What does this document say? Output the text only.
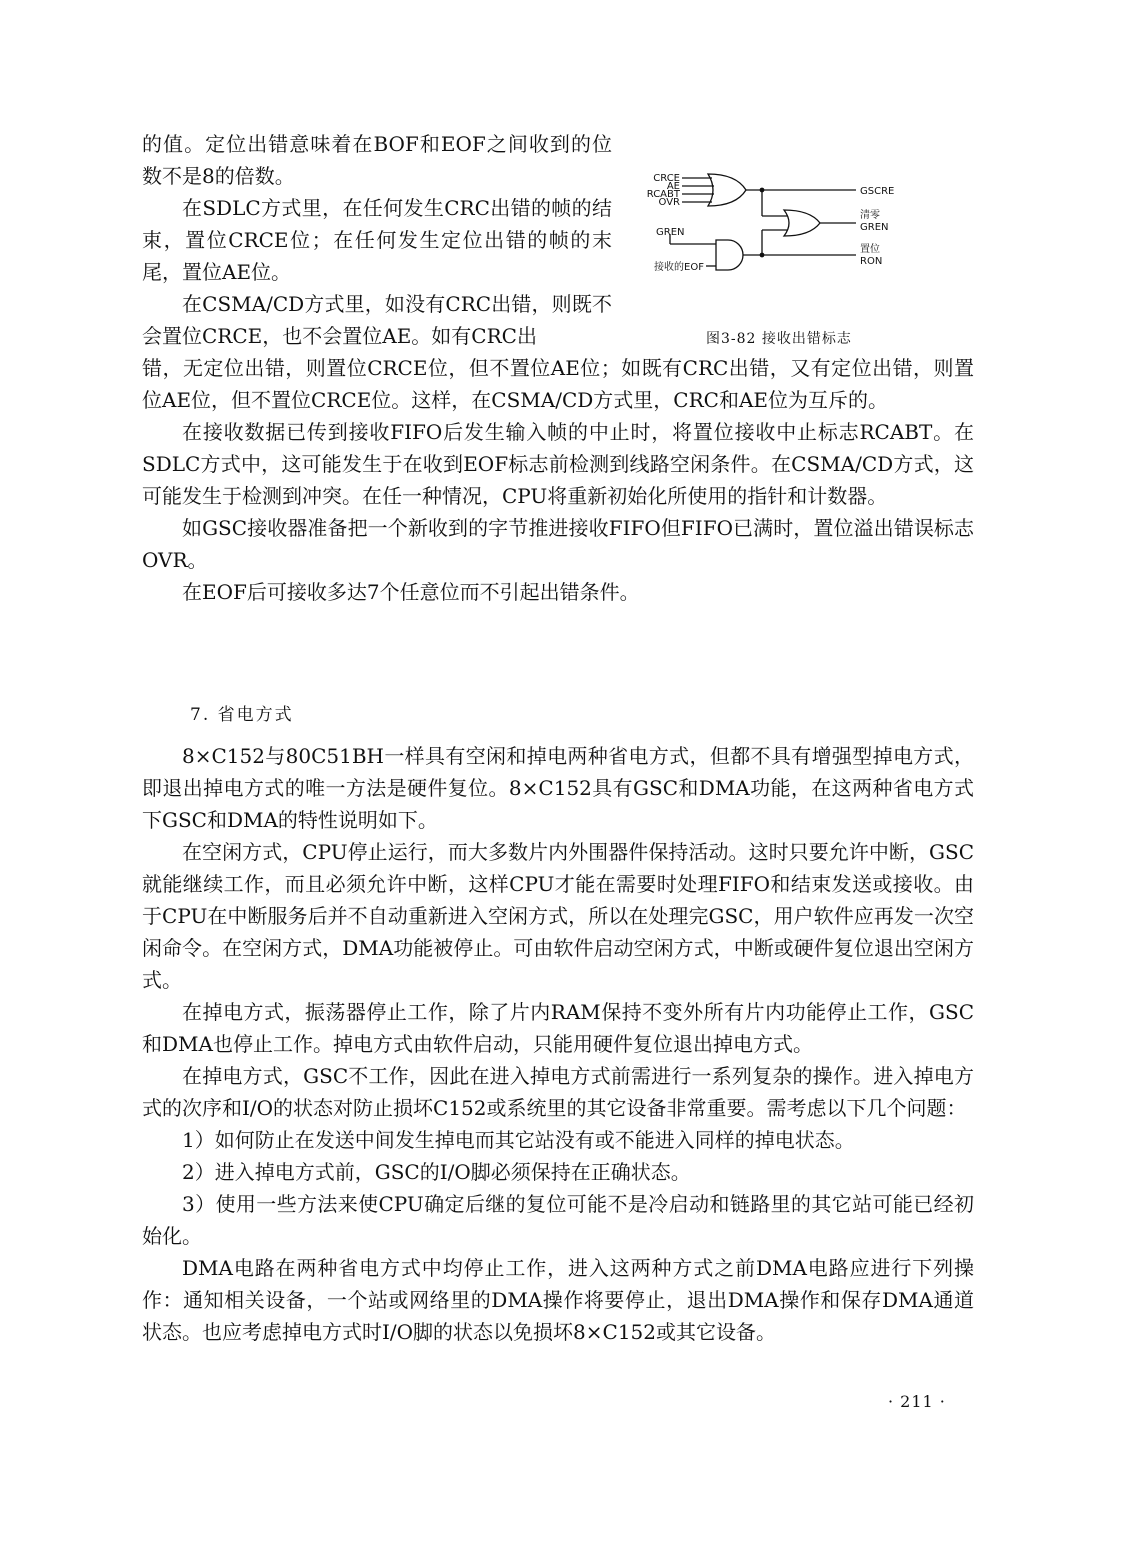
的值。定位出错意味着在BOF和EOF之间收到的位数不是8的倍数。

在SDLC方式里，在任何发生CRC出错的帧的结束，置位CRCE位；在任何发生定位出错的帧的末尾，置位AE位。

在CSMA/CD方式里，如没有CRC出错，则既不会置位CRCE，也不会置位AE。如有CRC出

CRCE
AE
RCABT
OVR
GREN
接收的EOF
GSCRE
清零
GREN
置位
RON
图3-82 接收出错标志

错，无定位出错，则置位CRCE位，但不置位AE位；如既有CRC出错，又有定位出错，则置位AE位，但不置位CRCE位。这样，在CSMA/CD方式里，CRC和AE位为互斥的。

在接收数据已传到接收FIFO后发生输入帧的中止时，将置位接收中止标志RCABT。在SDLC方式中，这可能发生于在收到EOF标志前检测到线路空闲条件。在CSMA/CD方式，这可能发生于检测到冲突。在任一种情况，CPU将重新初始化所使用的指针和计数器。

如GSC接收器准备把一个新收到的字节推进接收FIFO但FIFO已满时，置位溢出错误标志OVR。

在EOF后可接收多达7个任意位而不引起出错条件。

7. 省电方式

8×C152与80C51BH一样具有空闲和掉电两种省电方式，但都不具有增强型掉电方式，即退出掉电方式的唯一方法是硬件复位。8×C152具有GSC和DMA功能，在这两种省电方式下GSC和DMA的特性说明如下。

在空闲方式，CPU停止运行，而大多数片内外围器件保持活动。这时只要允许中断，GSC就能继续工作，而且必须允许中断，这样CPU才能在需要时处理FIFO和结束发送或接收。由于CPU在中断服务后并不自动重新进入空闲方式，所以在处理完GSC，用户软件应再发一次空闲命令。在空闲方式，DMA功能被停止。可由软件启动空闲方式，中断或硬件复位退出空闲方式。

在掉电方式，振荡器停止工作，除了片内RAM保持不变外所有片内功能停止工作，GSC和DMA也停止工作。掉电方式由软件启动，只能用硬件复位退出掉电方式。

在掉电方式，GSC不工作，因此在进入掉电方式前需进行一系列复杂的操作。进入掉电方式的次序和I/O的状态对防止损坏C152或系统里的其它设备非常重要。需考虑以下几个问题：

1）如何防止在发送中间发生掉电而其它站没有或不能进入同样的掉电状态。

2）进入掉电方式前，GSC的I/O脚必须保持在正确状态。

3）使用一些方法来使CPU确定后继的复位可能不是冷启动和链路里的其它站可能已经初始化。

DMA电路在两种省电方式中均停止工作，进入这两种方式之前DMA电路应进行下列操作：通知相关设备，一个站或网络里的DMA操作将要停止，退出DMA操作和保存DMA通道状态。也应考虑掉电方式时I/O脚的状态以免损坏8×C152或其它设备。

· 211 ·
